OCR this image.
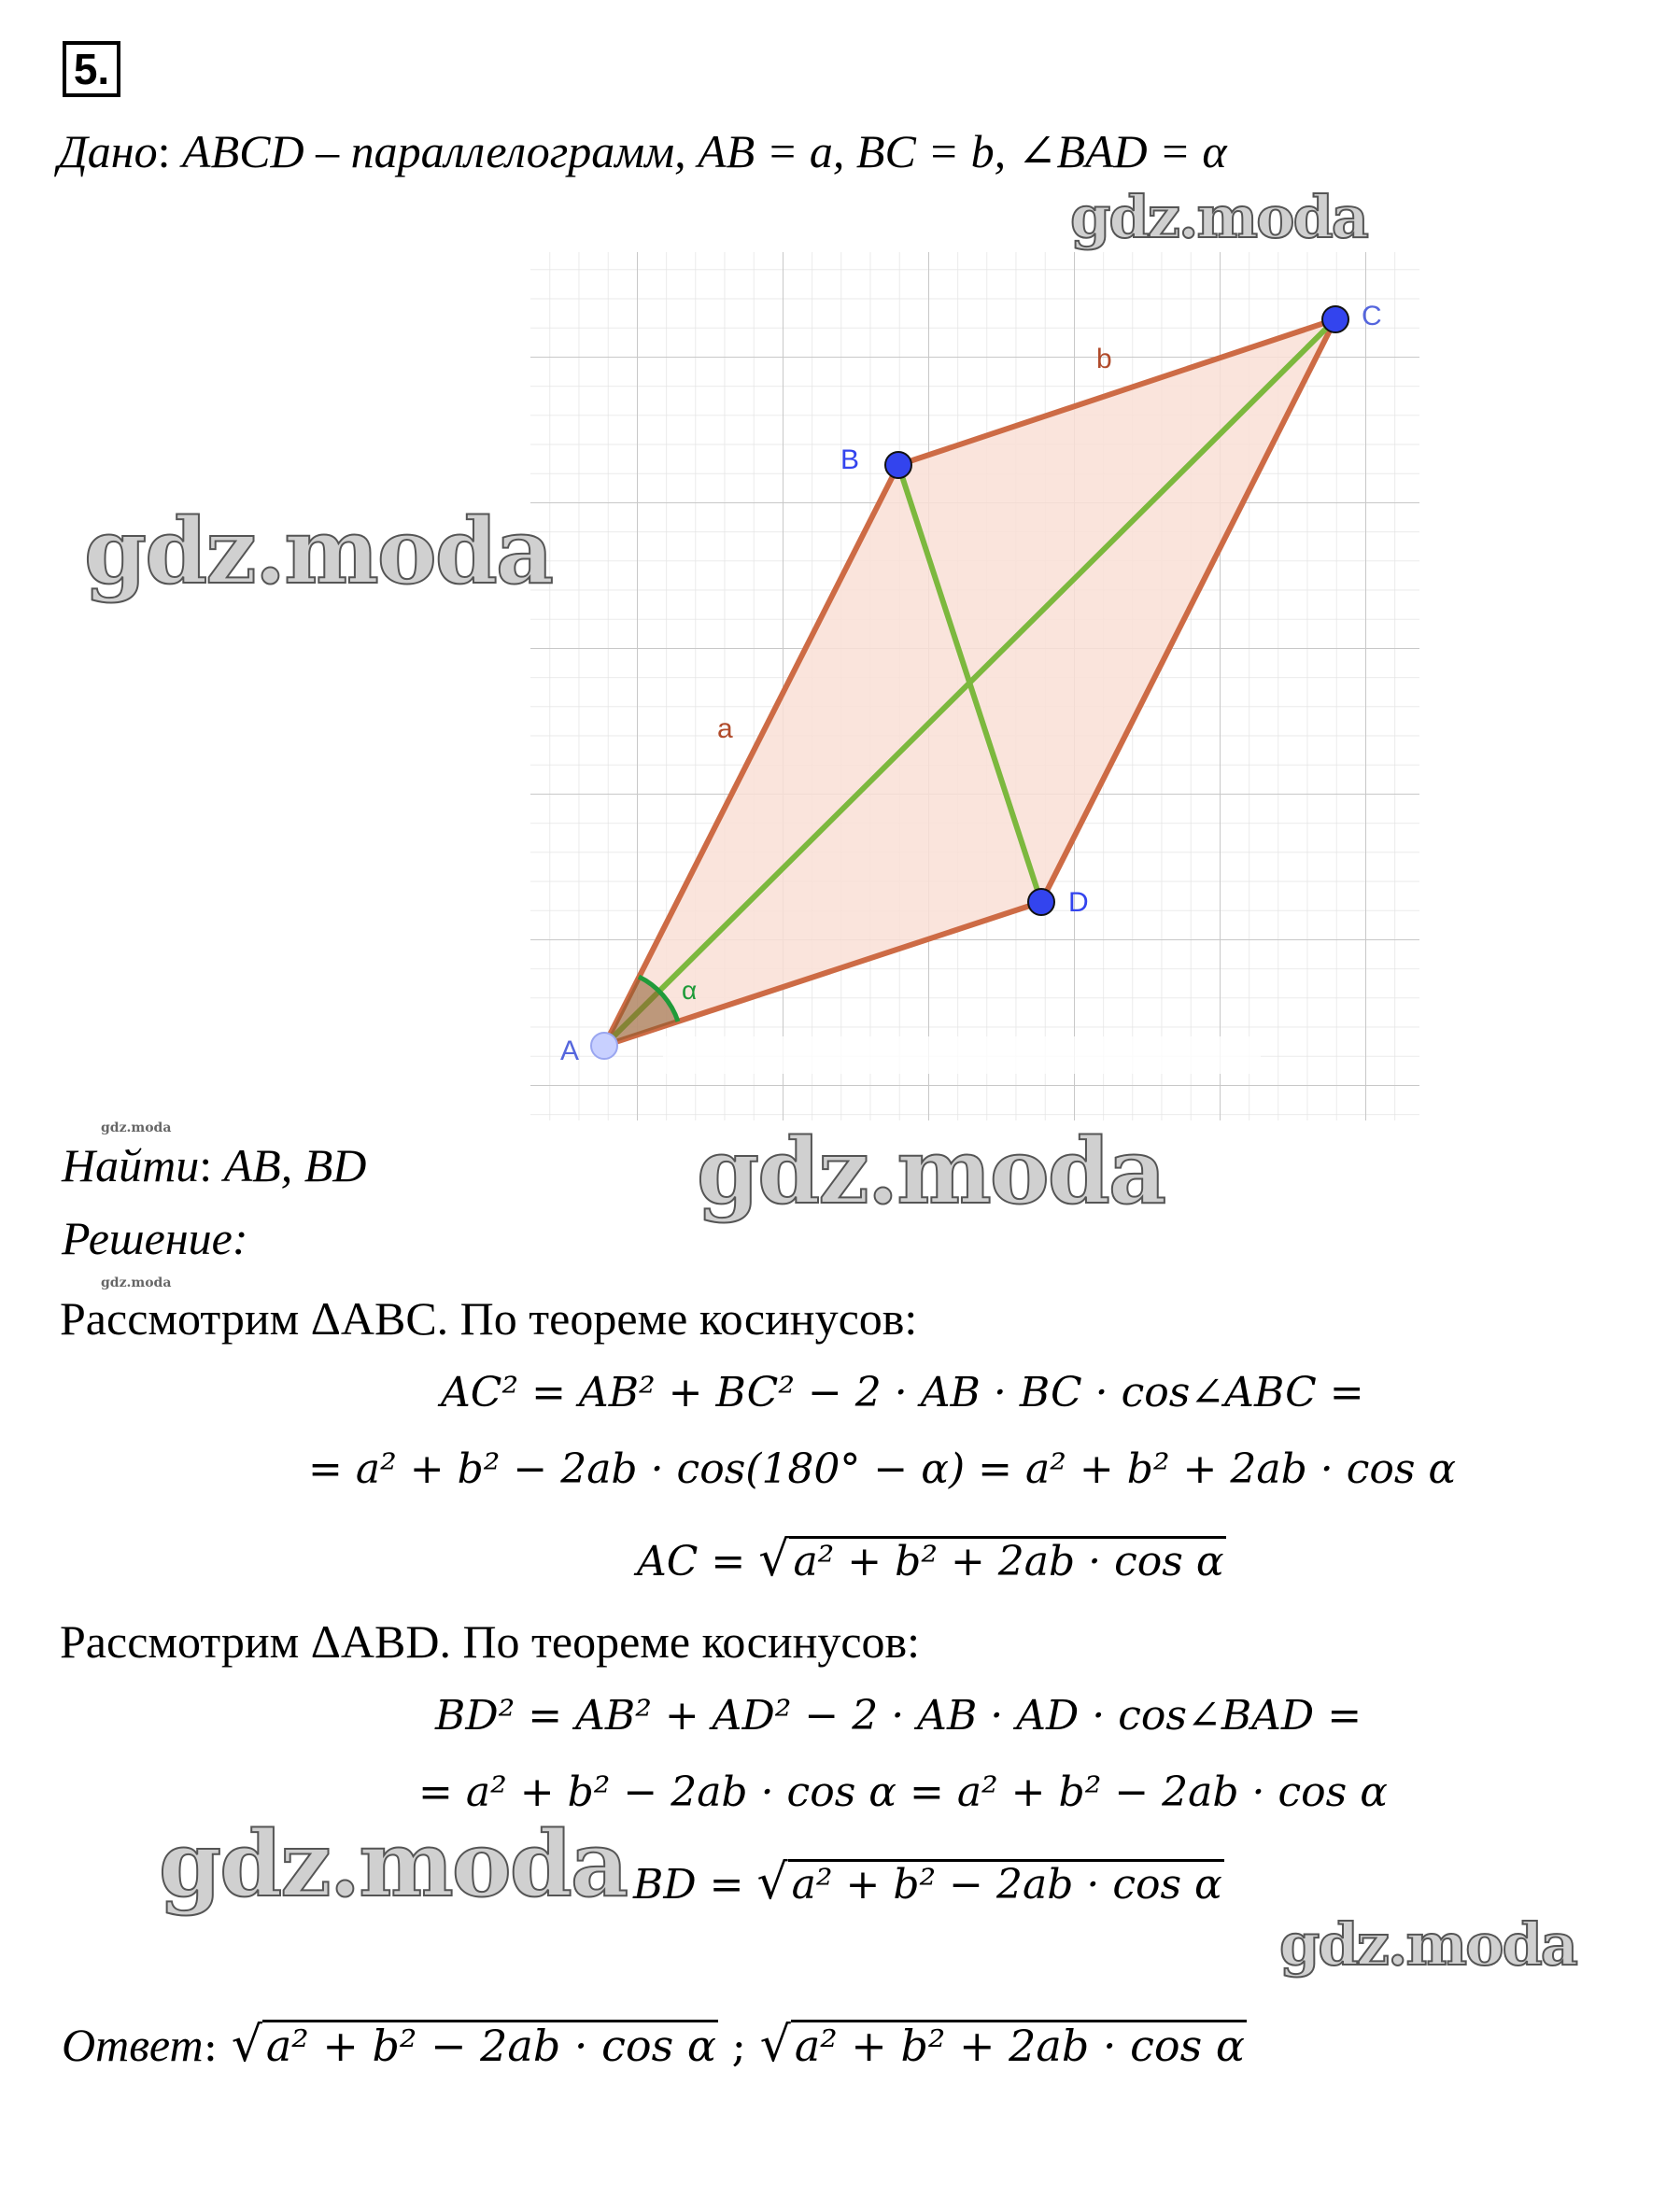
5.
Дано: ABCD – параллелограмм, AB = a, BC = b, ∠BAD = α
A
B
C
D
a
b
α
Найти: AB, BD
Решение:
Рассмотрим ΔABC. По теореме косинусов:
AC² = AB² + BC² − 2 · AB · BC · cos∠ABC =
= a² + b² − 2ab · cos(180° − α) = a² + b² + 2ab · cos α
AC = √a² + b² + 2ab · cos α
Рассмотрим ΔABD. По теореме косинусов:
BD² = AB² + AD² − 2 · AB · AD · cos∠BAD =
= a² + b² − 2ab · cos α = a² + b² − 2ab · cos α
BD = √a² + b² − 2ab · cos α
Ответ: √a² + b² − 2ab · cos α ; √a² + b² + 2ab · cos α
gdz.moda
gdz.moda
gdz.moda
gdz.moda
gdz.moda
gdz.moda
gdz.moda
